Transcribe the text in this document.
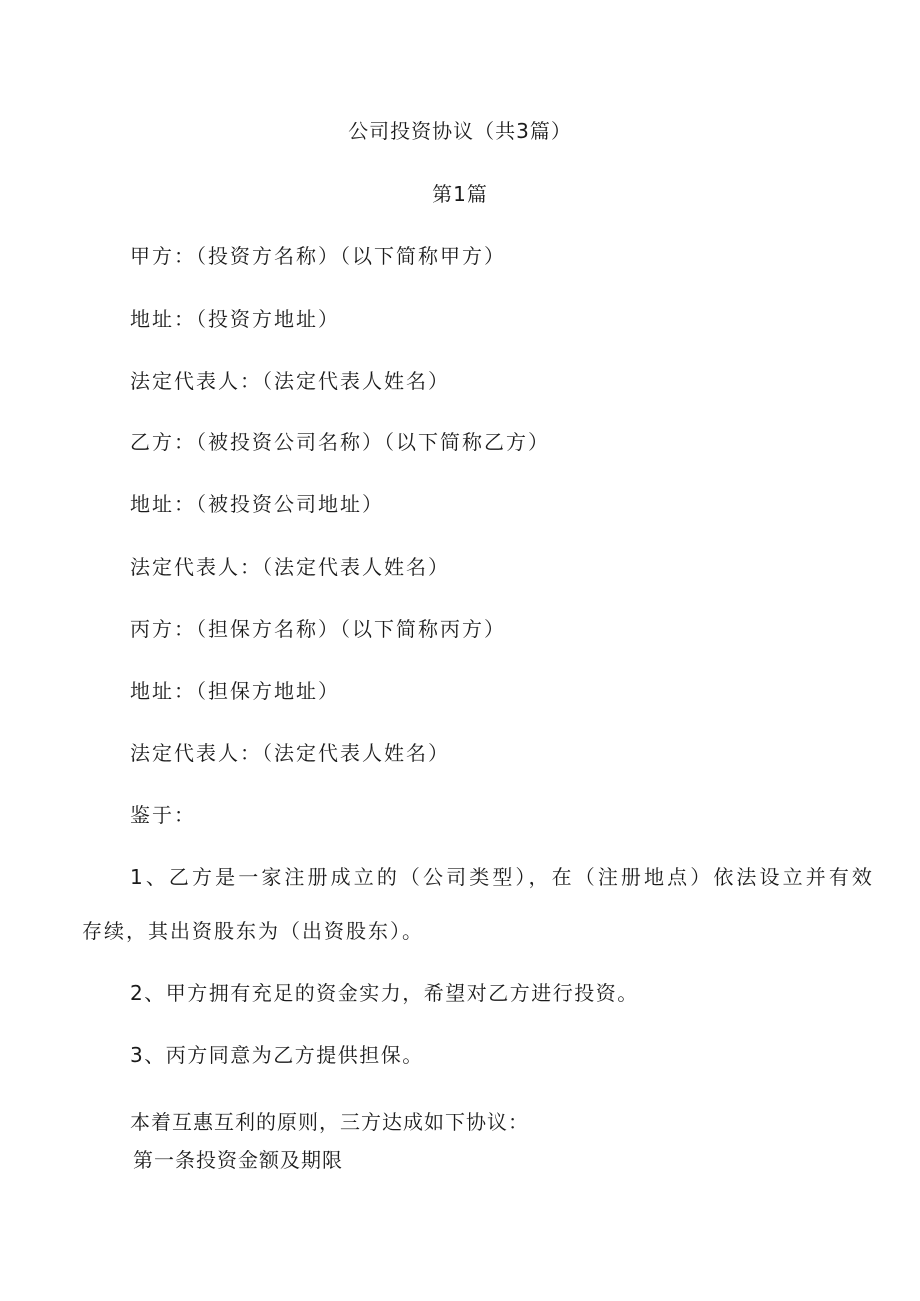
公司投资协议（共3篇）
第1篇
甲方：（投资方名称）（以下简称甲方）
地址：（投资方地址）
法定代表人：（法定代表人姓名）
乙方：（被投资公司名称）（以下简称乙方）
地址：（被投资公司地址）
法定代表人：（法定代表人姓名）
丙方：（担保方名称）（以下简称丙方）
地址：（担保方地址）
法定代表人：（法定代表人姓名）
鉴于：
1、乙方是一家注册成立的（公司类型），在（注册地点）依法设立并有效
存续，其出资股东为（出资股东）。
2、甲方拥有充足的资金实力，希望对乙方进行投资。
3、丙方同意为乙方提供担保。
本着互惠互利的原则，三方达成如下协议：
第一条投资金额及期限
